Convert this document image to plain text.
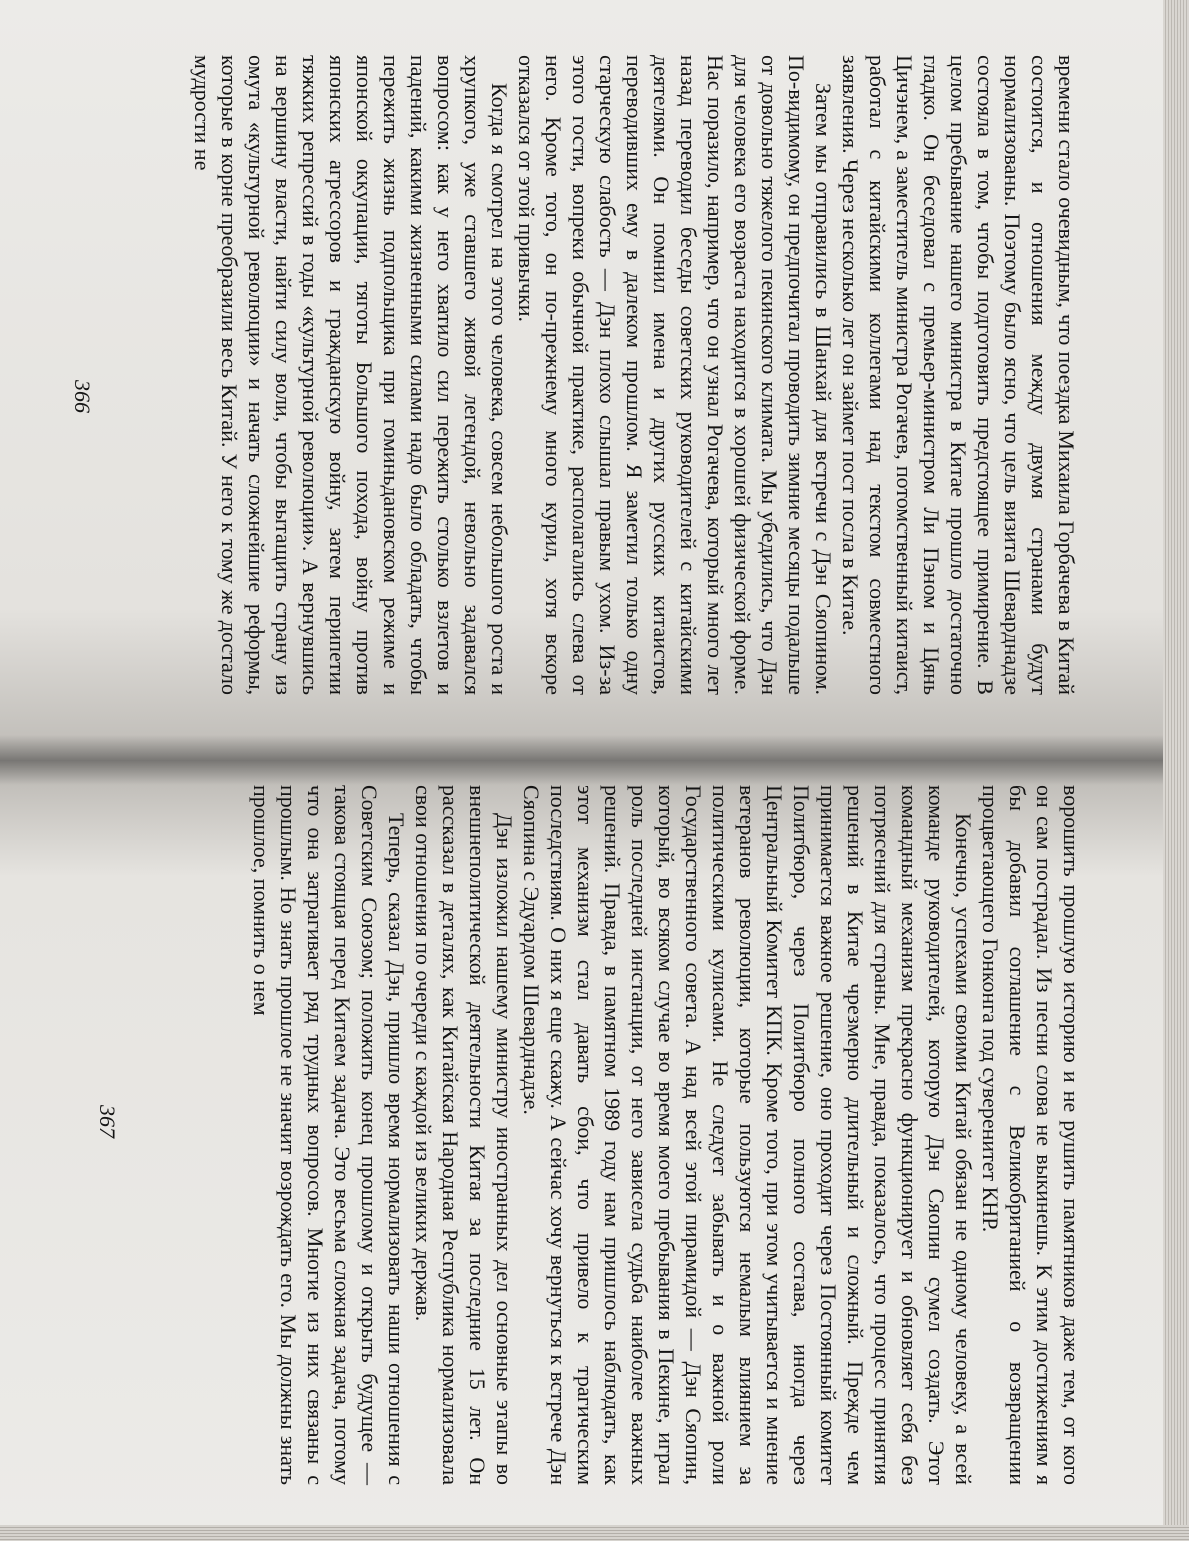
времени стало очевидным, что поездка Михаила Горбачева в Китай состоится, и отношения между двумя странами будут нормализованы. Поэтому было ясно, что цель визита Шеварднадзе состояла в том, чтобы подготовить предстоящее примирение. В целом пребывание нашего министра в Китае прошло достаточно гладко. Он беседовал с премьер-министром Ли Пэном и Цянь Цичэнем, а заместитель министра Рогачев, потомственный китаист, работал с китайскими коллегами над текстом совместного заявления. Через несколько лет он займет пост посла в Китае.

Затем мы отправились в Шанхай для встречи с Дэн Сяопином. По-видимому, он предпочитал проводить зимние месяцы подальше от довольно тяжелого пекинского климата. Мы убедились, что Дэн для человека его возраста находится в хорошей физической форме. Нас поразило, например, что он узнал Рогачева, который много лет назад переводил беседы советских руководителей с китайскими деятелями. Он помнил имена и других русских китаистов, переводивших ему в далеком прошлом. Я заметил только одну старческую слабость — Дэн плохо слышал правым ухом. Из-за этого гости, вопреки обычной практике, располагались слева от него. Кроме того, он по-прежнему много курил, хотя вскоре отказался от этой привычки.

Когда я смотрел на этого человека, совсем небольшого роста и хрупкого, уже ставшего живой легендой, невольно задавался вопросом: как у него хватило сил пережить столько взлетов и падений, какими жизненными силами надо было обладать, чтобы пережить жизнь подпольщика при гоминьдановском режиме и японской оккупации, тяготы Большого похода, войну против японских агрессоров и гражданскую войну, затем перипетии тяжких репрессий в годы «культурной революции». А вернувшись на вершину власти, найти силу воли, чтобы вытащить страну из омута «культурной революции» и начать сложнейшие реформы, которые в корне преобразили весь Китай. У него к тому же достало мудрости не

366

ворошить прошлую историю и не рушить памятников даже тем, от кого он сам пострадал. Из песни слова не выкинешь. К этим достижениям я бы добавил соглашение с Великобританией о возвращении процветающего Гонконга под суверенитет КНР.

Конечно, успехами своими Китай обязан не одному человеку, а всей команде руководителей, которую Дэн Сяопин сумел создать. Этот командный механизм прекрасно функционирует и обновляет себя без потрясений для страны. Мне, правда, показалось, что процесс принятия решений в Китае чрезмерно длительный и сложный. Прежде чем принимается важное решение, оно проходит через Постоянный комитет Политбюро, через Политбюро полного состава, иногда через Центральный Комитет КПК. Кроме того, при этом учитывается и мнение ветеранов революции, которые пользуются немалым влиянием за политическими кулисами. Не следует забывать и о важной роли Государственного совета. А над всей этой пирамидой — Дэн Сяопин, который, во всяком случае во время моего пребывания в Пекине, играл роль последней инстанции, от него зависела судьба наиболее важных решений. Правда, в памятном 1989 году нам пришлось наблюдать, как этот механизм стал давать сбои, что привело к трагическим последствиям. О них я еще скажу. А сейчас хочу вернуться к встрече Дэн Сяопина с Эдуардом Шеварднадзе.

Дэн изложил нашему министру иностранных дел основные этапы во внешнеполитической деятельности Китая за последние 15 лет. Он рассказал в деталях, как Китайская Народная Республика нормализовала свои отношения по очереди с каждой из великих держав.

Теперь, сказал Дэн, пришло время нормализовать наши отношения с Советским Союзом; положить конец прошлому и открыть будущее — такова стоящая перед Китаем задача. Это весьма сложная задача, потому что она затрагивает ряд трудных вопросов. Многие из них связаны с прошлым. Но знать прошлое не значит возрождать его. Мы должны знать прошлое, помнить о нем

367
